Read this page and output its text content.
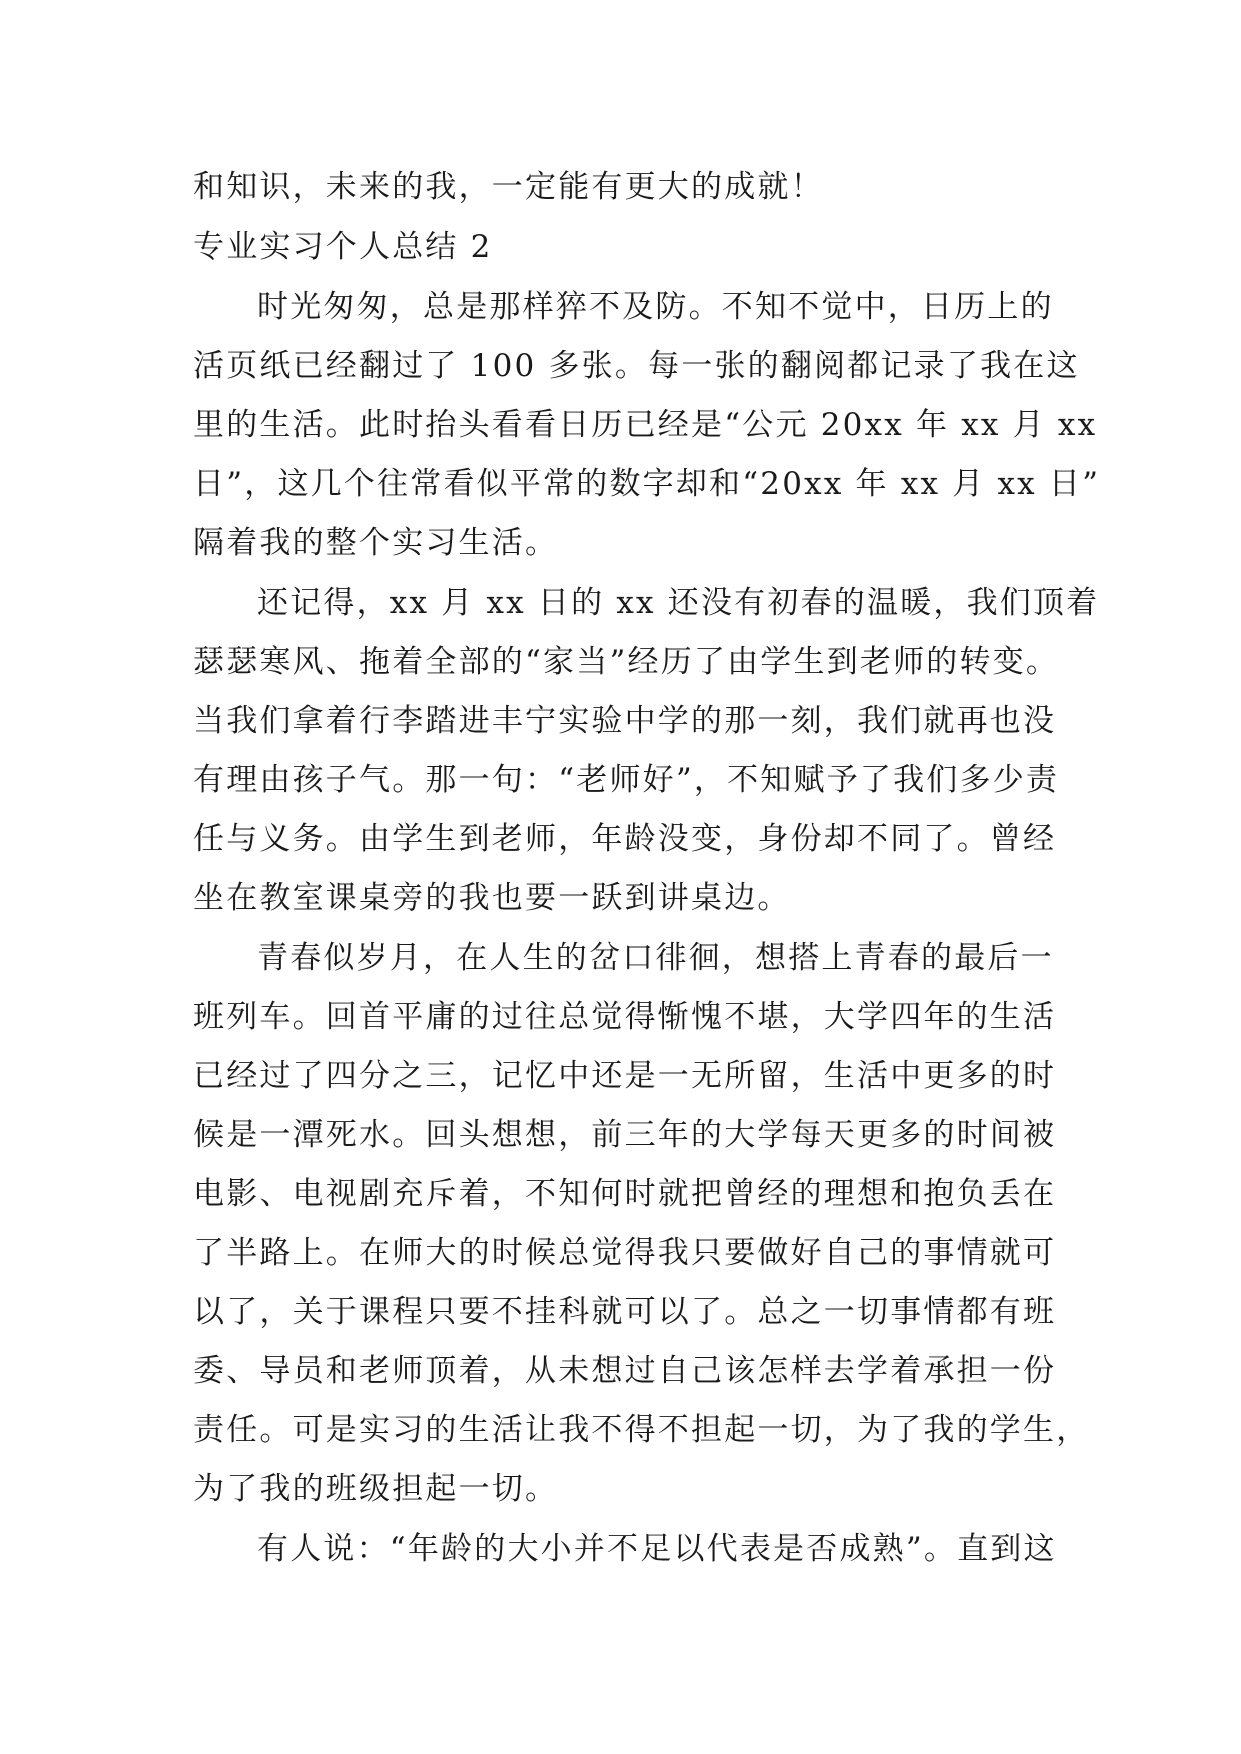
和知识，未来的我，一定能有更大的成就！
专业实习个人总结 2
时光匆匆，总是那样猝不及防。不知不觉中，日历上的
活页纸已经翻过了 100 多张。每一张的翻阅都记录了我在这
里的生活。此时抬头看看日历已经是“公元 20xx 年 xx 月 xx
日”，这几个往常看似平常的数字却和“20xx 年 xx 月 xx 日”
隔着我的整个实习生活。
还记得，xx 月 xx 日的 xx 还没有初春的温暖，我们顶着
瑟瑟寒风、拖着全部的“家当”经历了由学生到老师的转变。
当我们拿着行李踏进丰宁实验中学的那一刻，我们就再也没
有理由孩子气。那一句：“老师好”，不知赋予了我们多少责
任与义务。由学生到老师，年龄没变，身份却不同了。曾经
坐在教室课桌旁的我也要一跃到讲桌边。
青春似岁月，在人生的岔口徘徊，想搭上青春的最后一
班列车。回首平庸的过往总觉得惭愧不堪，大学四年的生活
已经过了四分之三，记忆中还是一无所留，生活中更多的时
候是一潭死水。回头想想，前三年的大学每天更多的时间被
电影、电视剧充斥着，不知何时就把曾经的理想和抱负丢在
了半路上。在师大的时候总觉得我只要做好自己的事情就可
以了，关于课程只要不挂科就可以了。总之一切事情都有班
委、导员和老师顶着，从未想过自己该怎样去学着承担一份
责任。可是实习的生活让我不得不担起一切，为了我的学生，
为了我的班级担起一切。
有人说：“年龄的大小并不足以代表是否成熟”。直到这
